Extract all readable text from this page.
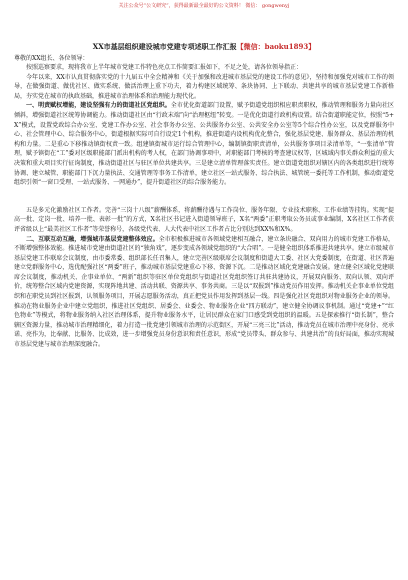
关注公众号“公文研究”，获得最新最全最好的公文资料！ 微信： gongwenyj
XX市基层组织建设城市党建专项述职工作汇报【微信：baoku1893】
尊敬的XX组长、各位领导：

按照巡察要求，现将我市上半年城市党建工作特色亮点工作简要汇报如下，不足之处，请各位领导指正：

今年以来，XX市认真贯彻落实党的十九届五中全会精神和《关于加强和改进城市基层党的建设工作的意见》，坚持和加强党对城市工作的领导，在做强街道、做优社区、做实系统、做活治理上重下功夫，着力构建区域统筹、条块协同、上下联动、共建共享的城市基层党建工作新格局，夯实党在城市的执政基础，推进城市治理体系和治理能力现代化。

一、明责赋权增能，建设坚强有力的街道社区党组织。全市优化街道部门设置，赋予街道党组织相应职责职权，推动管理和服务力量向社区倾斜，增强街道社区统筹协调能力。推动街道社区由“行政末端”向“治理枢纽”转变。一是优化街道行政机构设置。结合街道职能定位，按照“5+X”模式，设置党政综合办公室、党建工作办公室、社会事务办公室、公共服务办公室、公共安全办公室等5个综合性办公室，以及党群服务中心、社会管理中心、综合服务中心，街道根据实际可自行设定1个机构，推进街道内设机构优化整合，强化基层党建、服务群众、基层治理的机构和力量。二是重心下移推动镇街权责一致。组建镇街城市运行综合管理中心，编制镇街职责清单，公共服务事项目录清单等，“一张清单”管理，赋予镇街在“工”委对区级职能部门派出机构的考人权，在部门协调事项中，对职能部门考核的考查建议权等，区城域内事关群众利益的重大决策和重大项目实行征询制度，推动街道社区与驻区单位共建共享。三是建立清单管理落实责任。建立街道党组织对辖区内的各类组织进行统筹协调、建立城管、职能部门下沉力量执法、交通管理等事务工作清单，建立社区一站式服务、综合执法、城管统一委托等工作机制，推动街道党组织引领“一窗口受理、一站式服务、一网通办”，提升街道社区的综合服务能力。

五是多元化激励社区工作者。完善“三岗十八级”薪酬体系，将薪酬待遇与工作岗位、服务年限、专业技术职称、工作业绩等挂钩。实现“提高一批、定岗一批、培养一批、表彰一批”的方式，X名社区书记进入街道领导班子，X名“两委”正职考取公务员或事业编制，X名社区工作者获评省级以上“最美社区工作者”等荣誉称号，各级党代表、人大代表中社区工作者占比分别达到XX%和X%。

二、互联互动互融，增强城市基层党建整体效应。全市积极推进城市各领域党建相互融合，建立条块融合、双向用力的城市党建工作格局，不断增强整体效能。推进城市党建由街道社区的“独角戏”，逐步变成各领域党组织的“大合唱”。一是健全组织体系推进共建共享。建立市级城市基层党建工作联席会议制度，由市委常委、组织部长任召集人，建立完善区级联席会议制度和街道大工委、社区大党委制度，在街道、社区普遍建立党群服务中心，选优配强社区“两委”班子，推动城市基层党建重心下移、资源下沉。二是推动区域化党建融合发展。建立健全区域化党建联席会议制度，推动机关、企事业单位、“两新”组织等驻区单位党组织与街道社区党组织签订共驻共建协议，开展双向服务、双向认领、双向评价，统筹整合区域内党建资源，实现阵地共建、活动共联、资源共享、事务共商。三是以“双报到”推动党员作用发挥。推动机关企事业单位党组织和在职党员到社区报到，认领服务项目，开展志愿服务活动，真正把党员作用发挥到基层一线。四是强化社区党组织对物业服务企业的领导。推动在物业服务企业中建立党组织，推进社区党组织、居委会、业委会、物业服务企业“四方联动”，建立健全协调议事机制。通过“党建+”“红色物业”等模式，将物业服务纳入社区治理体系，提升物业服务水平，让居民群众在家门口感受到党组织的温暖。五是探索推行“街长制”，整合辖区资源力量，推动城市治理精细化，着力打造一批党建引领城市治理的示范街区，开展“三亮三比”活动，推动党员在城市治理中亮身份、亮承诺、亮作为，比奉献、比服务、比成效，进一步增强党员身份意识和责任意识，形成“党员带头、群众参与、共建共治”的良好局面，推动实现城市基层党建与城市治理深度融合。
